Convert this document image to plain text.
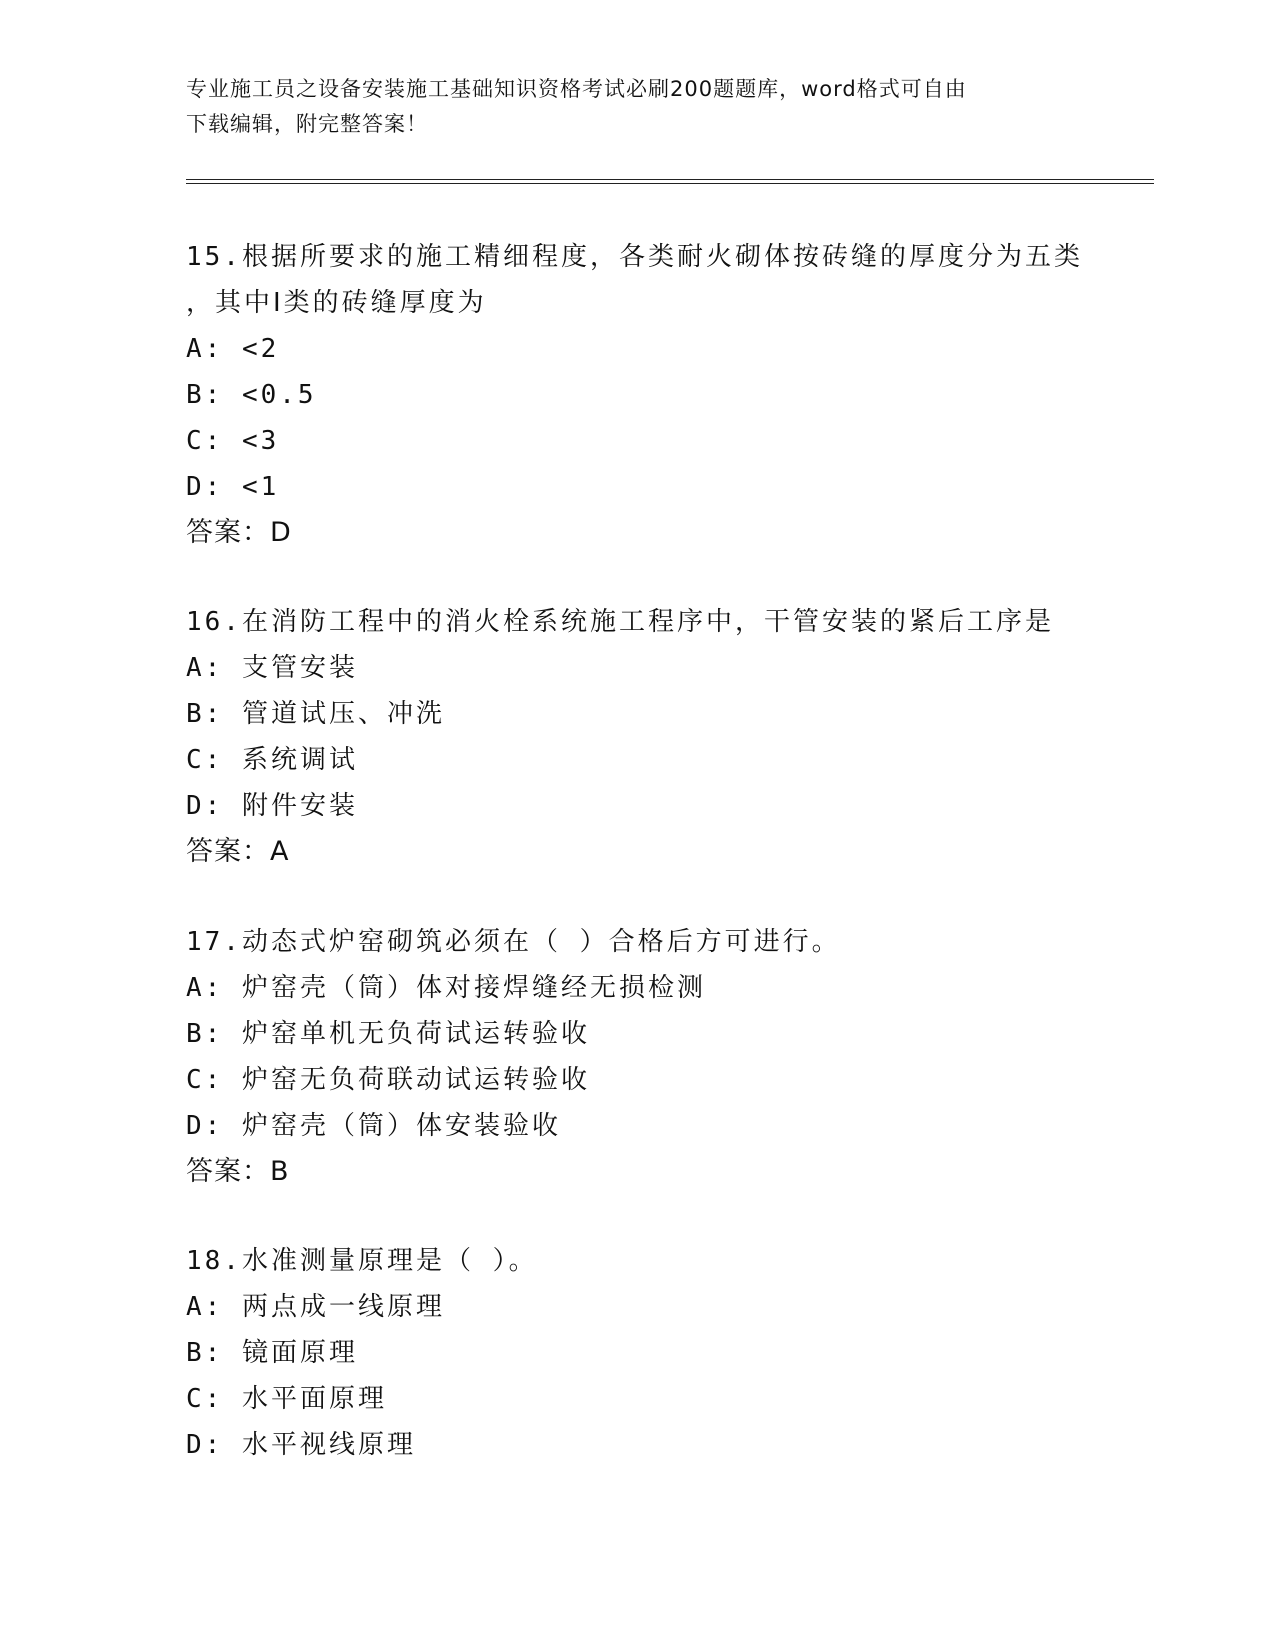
专业施工员之设备安装施工基础知识资格考试必刷200题题库，word格式可自由
下载编辑，附完整答案！
15.根据所要求的施工精细程度，各类耐火砌体按砖缝的厚度分为五类
，其中Ⅰ类的砖缝厚度为
A: <2
B: <0.5
C: <3
D: <1
答案：D
16.在消防工程中的消火栓系统施工程序中，干管安装的紧后工序是
A: 支管安装
B: 管道试压、冲洗
C: 系统调试
D: 附件安装
答案：A
17.动态式炉窑砌筑必须在（ ）合格后方可进行。
A: 炉窑壳（筒）体对接焊缝经无损检测
B: 炉窑单机无负荷试运转验收
C: 炉窑无负荷联动试运转验收
D: 炉窑壳（筒）体安装验收
答案：B
18.水准测量原理是（ ）。
A: 两点成一线原理
B: 镜面原理
C: 水平面原理
D: 水平视线原理
